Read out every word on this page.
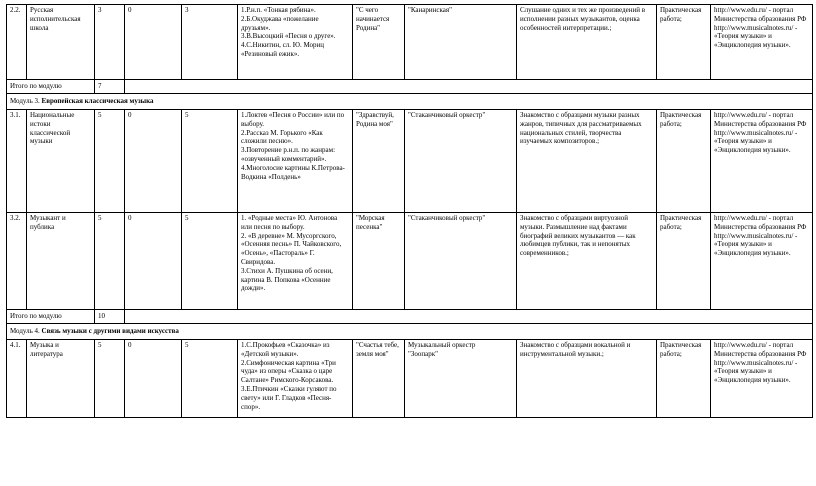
2.2.	Русская исполнительская школа	3	0	3	1.Р.н.п. «Тонкая рябина».
2.Б.Окуджава «пожелание друзьям».
3.В.Высоцкий «Песня о друге».
4.С.Никитин, сл. Ю. Мориц «Резиновый ежик».	"С чего начинается Родина"	"Канаринская"	Слушание одних и тех же произведений в исполнении разных музыкантов, оценка особенностей интерпретации.;	Практическая работа;	http://www.edu.ru/ - портал Министерства образования РФ
http://www.musicalnotes.ru/ - «Теория музыки» и «Энциклопедия музыки».
Итого по модулю		7								
Модуль 3. Европейская классическая музыка										
3.1.	Национальные истоки классической музыки	5	0	5	1.Локтев «Песня о России» или по выбору.
2.Рассказ М. Горького «Как сложили песню».
3.Повторение р.н.п. по жанрам: «озвученный комментарий».
4.Многолосие картины К.Петрова-Водкина «Полдень»	"Здравствуй, Родина моя"	"Стаканчиковый оркестр"	Знакомство с образцами музыки разных жанров, типичных для рассматриваемых национальных стилей, творчества изучаемых композиторов.;	Практическая работа;	http://www.edu.ru/ - портал Министерства образования РФ
http://www.musicalnotes.ru/ - «Теория музыки» и «Энциклопедия музыки».
3.2.	Музыкант и публика	5	0	5	1. «Родные места» Ю. Антонова или песня по выбору.
2. «В деревне» М. Мусоргского, «Осенняя песнь» П. Чайковского, «Осень», «Пастораль» Г. Свиридова.
3.Стихи А. Пушкина об осени, картина В. Попкова «Осенние дожди».	"Морская песенка"	"Стаканчиковый оркестр"	Знакомство с образцами виртуозной музыки. Размышление над фактами биографий великих музыкантов — как любимцев публики, так и непонятых современников.;	Практическая работа;	http://www.edu.ru/ - портал Министерства образования РФ
http://www.musicalnotes.ru/ - «Теория музыки» и «Энциклопедия музыки».
Итого по модулю		10								
Модуль 4. Связь музыки с другими видами искусства										
4.1.	Музыка и литература	5	0	5	1.С.Прокофьев «Сказочка» из «Детской музыки».
2.Симфоническая картина «Три чуда» из оперы «Сказка о царе Салтане» Римского-Корсакова.
3.Е.Птичкин «Сказки гуляют по свету» или Г. Гладков «Песня-спор».	"Счастья тебе, земля моя"	Музыкальный оркестр
"Зоопарк"	Знакомство с образцами вокальной и инструментальной музыки.;	Практическая работа;	http://www.edu.ru/ - портал Министерства образования РФ
http://www.musicalnotes.ru/ - «Теория музыки» и «Энциклопедия музыки».
